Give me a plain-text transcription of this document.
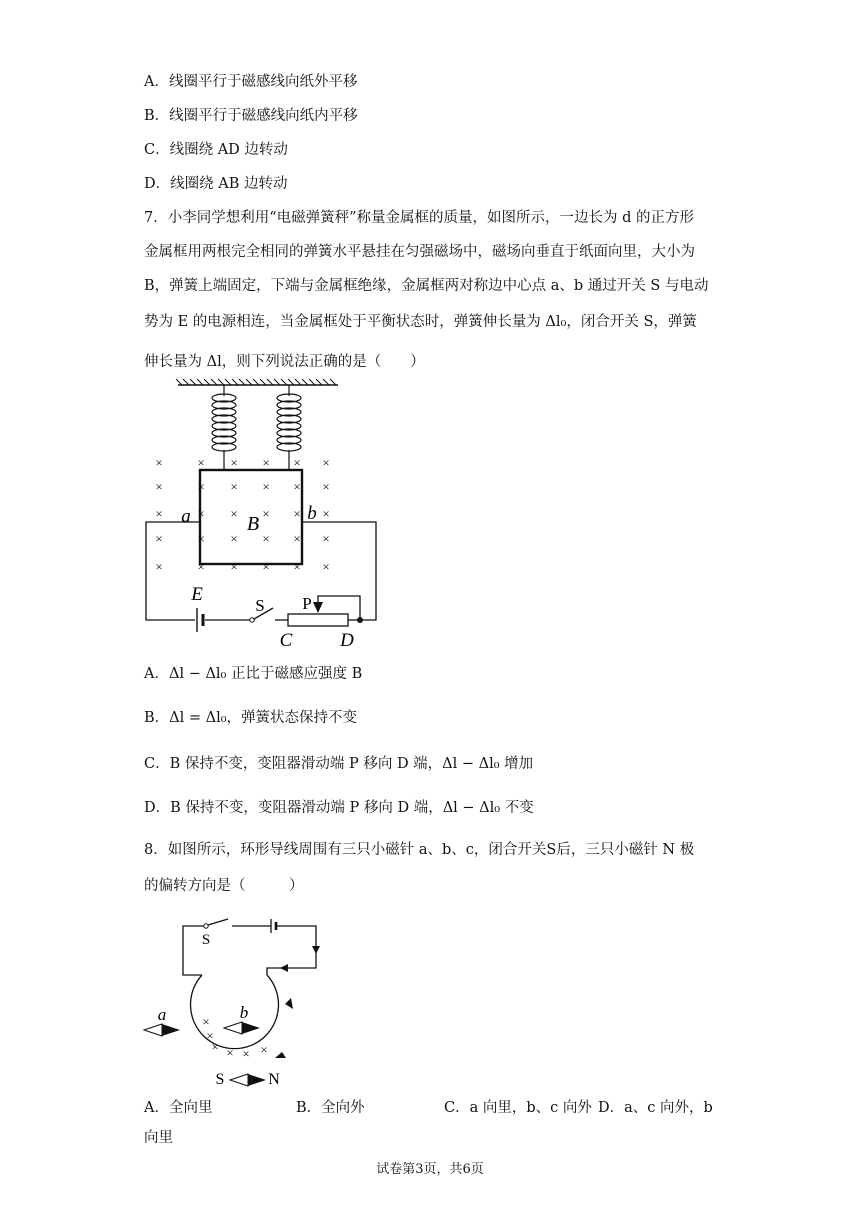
A．线圈平行于磁感线向纸外平移
B．线圈平行于磁感线向纸内平移
C．线圈绕 AD 边转动
D．线圈绕 AB 边转动
7．小李同学想利用“电磁弹簧秤”称量金属框的质量，如图所示，一边长为 d 的正方形
金属框用两根完全相同的弹簧水平悬挂在匀强磁场中，磁场向垂直于纸面向里，大小为
B，弹簧上端固定，下端与金属框绝缘，金属框两对称边中心点 a、b 通过开关 S 与电动
势为 E 的电源相连，当金属框处于平衡状态时，弹簧伸长量为 Δl₀，闭合开关 S，弹簧
伸长量为 Δl，则下列说法正确的是（　　）
×	× × × × ×
×	× × × × ×
×	× × × × ×
×	× × × × ×
×	× × × × ×
a	b
B
E
S P
C	D
A．Δl − Δl₀ 正比于磁感应强度 B
B．Δl = Δl₀，弹簧状态保持不变
C．B 保持不变，变阻器滑动端 P 移向 D 端，Δl − Δl₀ 增加
D．B 保持不变，变阻器滑动端 P 移向 D 端，Δl − Δl₀ 不变
8．如图所示，环形导线周围有三只小磁针 a、b、c，闭合开关S后，三只小磁针 N 极
的偏转方向是（　　　）
×
×
× × × ×
S
a	b
S	N
A．全向里	B．全向外	C．a 向里，b、c 向外 D．a、c 向外，b
向里
试卷第3页，共6页
